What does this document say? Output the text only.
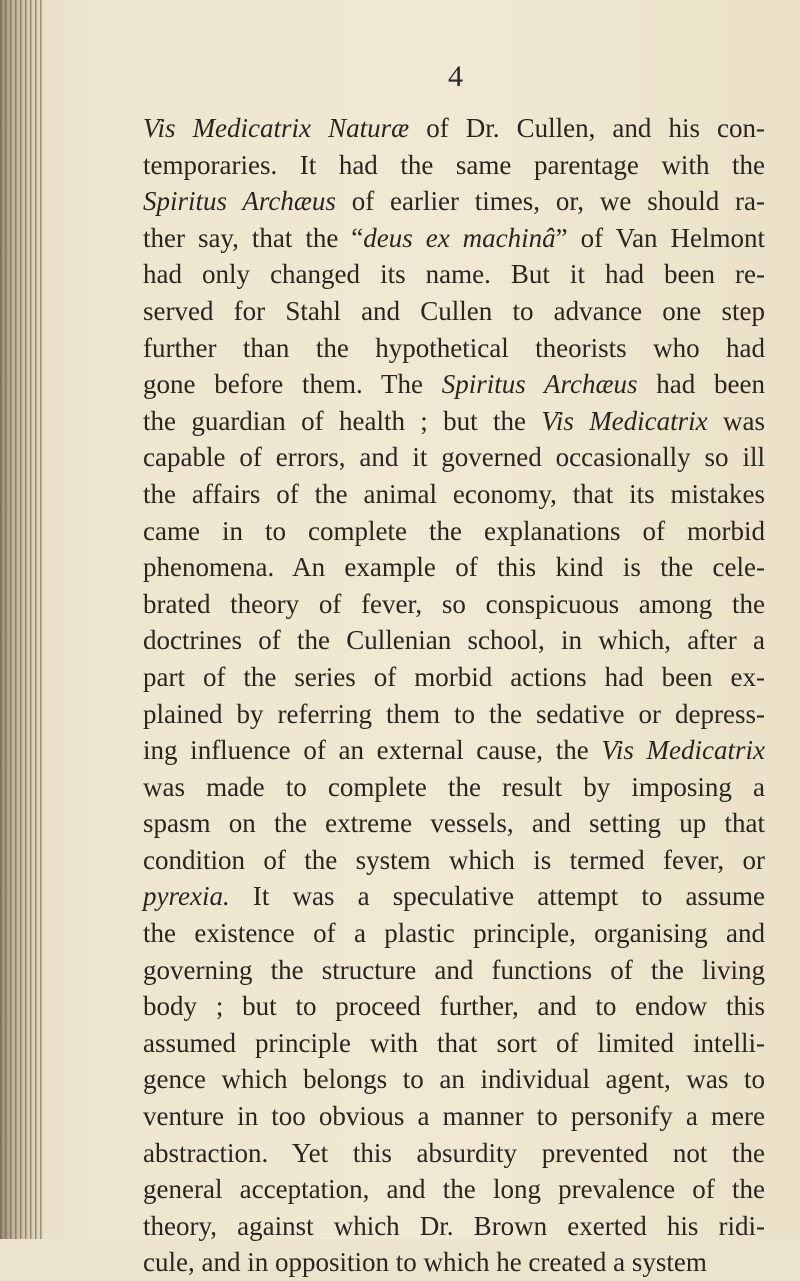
4
Vis Medicatrix Naturæ of Dr. Cullen, and his con-
temporaries. It had the same parentage with the
Spiritus Archæus of earlier times, or, we should ra-
ther say, that the “deus ex machinâ” of Van Helmont
had only changed its name. But it had been re-
served for Stahl and Cullen to advance one step
further than the hypothetical theorists who had
gone before them. The Spiritus Archæus had been
the guardian of health ; but the Vis Medicatrix was
capable of errors, and it governed occasionally so ill
the affairs of the animal economy, that its mistakes
came in to complete the explanations of morbid
phenomena. An example of this kind is the cele-
brated theory of fever, so conspicuous among the
doctrines of the Cullenian school, in which, after a
part of the series of morbid actions had been ex-
plained by referring them to the sedative or depress-
ing influence of an external cause, the Vis Medicatrix
was made to complete the result by imposing a
spasm on the extreme vessels, and setting up that
condition of the system which is termed fever, or
pyrexia. It was a speculative attempt to assume
the existence of a plastic principle, organising and
governing the structure and functions of the living
body ; but to proceed further, and to endow this
assumed principle with that sort of limited intelli-
gence which belongs to an individual agent, was to
venture in too obvious a manner to personify a mere
abstraction. Yet this absurdity prevented not the
general acceptation, and the long prevalence of the
theory, against which Dr. Brown exerted his ridi-
cule, and in opposition to which he created a system
